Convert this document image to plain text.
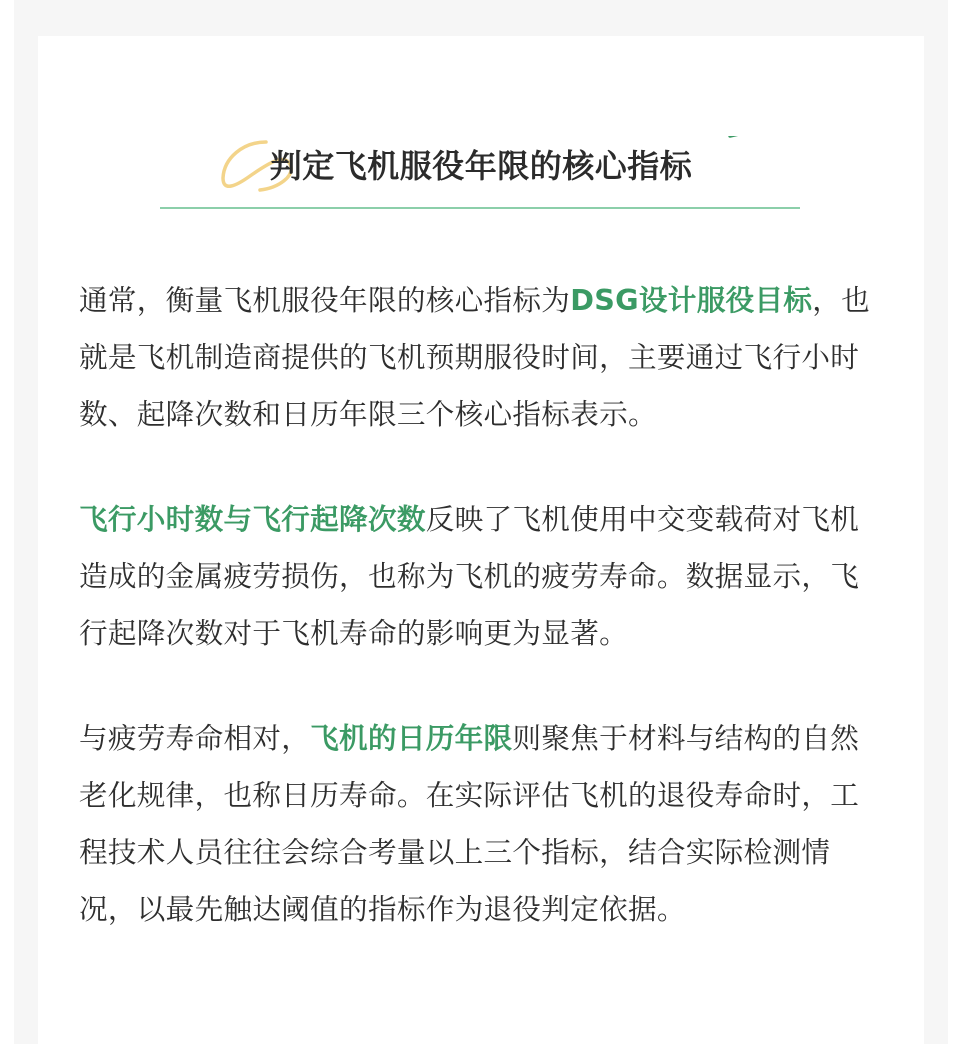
判定飞机服役年限的核心指标

通常，衡量飞机服役年限的核心指标为DSG设计服役目标，也就是飞机制造商提供的飞机预期服役时间，主要通过飞行小时数、起降次数和日历年限三个核心指标表示。

飞行小时数与飞行起降次数反映了飞机使用中交变载荷对飞机造成的金属疲劳损伤，也称为飞机的疲劳寿命。数据显示，飞行起降次数对于飞机寿命的影响更为显著。

与疲劳寿命相对，飞机的日历年限则聚焦于材料与结构的自然老化规律，也称日历寿命。在实际评估飞机的退役寿命时，工程技术人员往往会综合考量以上三个指标，结合实际检测情况，以最先触达阈值的指标作为退役判定依据。
